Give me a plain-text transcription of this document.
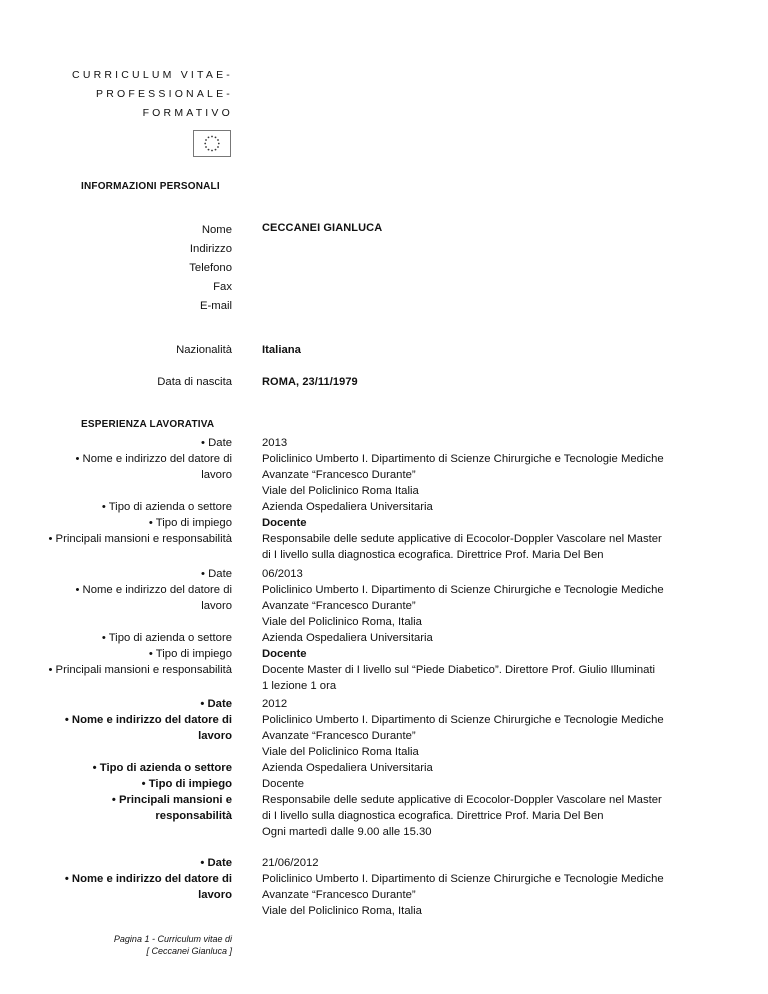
CURRICULUM VITAE-
PROFESSIONALE-
FORMATIVO
INFORMAZIONI PERSONALI
Nome
Indirizzo
Telefono
Fax
E-mail
CECCANEI GIANLUCA
Nazionalità	Italiana
Data di nascita	ROMA, 23/11/1979
ESPERIENZA LAVORATIVA
• Date
• Nome e indirizzo del datore di
lavoro
• Tipo di azienda o settore
• Tipo di impiego
• Principali mansioni e responsabilità
2013
Policlinico Umberto I. Dipartimento di Scienze Chirurgiche e Tecnologie Mediche
Avanzate “Francesco Durante”
Viale del Policlinico Roma Italia
Azienda Ospedaliera Universitaria
Docente
Responsabile delle sedute applicative di Ecocolor-Doppler Vascolare nel Master
di I livello sulla diagnostica ecografica. Direttrice Prof. Maria Del Ben
• Date
• Nome e indirizzo del datore di
lavoro
• Tipo di azienda o settore
• Tipo di impiego
• Principali mansioni e responsabilità
06/2013
Policlinico Umberto I. Dipartimento di Scienze Chirurgiche e Tecnologie Mediche
Avanzate “Francesco Durante”
Viale del Policlinico Roma, Italia
Azienda Ospedaliera Universitaria
Docente
Docente Master di I livello sul “Piede Diabetico”. Direttore Prof. Giulio Illuminati
1 lezione 1 ora
• Date
• Nome e indirizzo del datore di
lavoro
• Tipo di azienda o settore
• Tipo di impiego
• Principali mansioni e
responsabilità
2012
Policlinico Umberto I. Dipartimento di Scienze Chirurgiche e Tecnologie Mediche
Avanzate “Francesco Durante”
Viale del Policlinico Roma Italia
Azienda Ospedaliera Universitaria
Docente
Responsabile delle sedute applicative di Ecocolor-Doppler Vascolare nel Master
di I livello sulla diagnostica ecografica. Direttrice Prof. Maria Del Ben
Ogni martedì dalle 9.00 alle 15.30
• Date
• Nome e indirizzo del datore di
lavoro
21/06/2012
Policlinico Umberto I. Dipartimento di Scienze Chirurgiche e Tecnologie Mediche
Avanzate “Francesco Durante”
Viale del Policlinico Roma, Italia
Pagina 1 - Curriculum vitae di
[ Ceccanei Gianluca ]
